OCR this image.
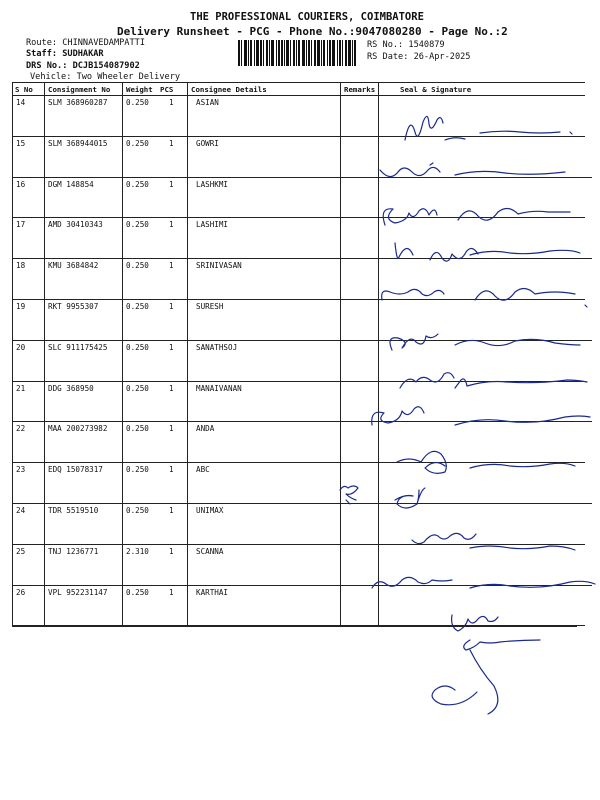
THE PROFESSIONAL COURIERS, COIMBATORE
Delivery Runsheet - PCG - Phone No.:9047080280 - Page No.:2
Route: CHINNAVEDAMPATTI
Staff: SUDHAKAR
DRS No.: DCJB154087902
Vehicle: Two Wheeler Delivery
RS No.: 1540879
RS Date: 26-Apr-2025
S No Consignment No Weight PCS Consignee Details	Remarks	Seal & Signature
14	SLM 368960287 0.250	1	ASIAN
15	SLM 368944015 0.250	1	GOWRI
16	DGM 148854	0.250	1	LASHKMI
17	AMD 30410343	0.250	1	LASHIMI
18	KMU 3684842	0.250	1	SRINIVASAN
19	RKT 9955307	0.250	1	SURESH
20	SLC 911175425 0.250	1	SANATHSOJ
21	DDG 368950	0.250	1	MANAIVANAN
22	MAA 200273982 0.250	1	ANDA
23	EDQ 15078317	0.250	1	ABC
24	TDR 5519510	0.250	1	UNIMAX
25	TNJ 1236771	2.310	1	SCANNA
26	VPL 952231147 0.250	1	KARTHAI
